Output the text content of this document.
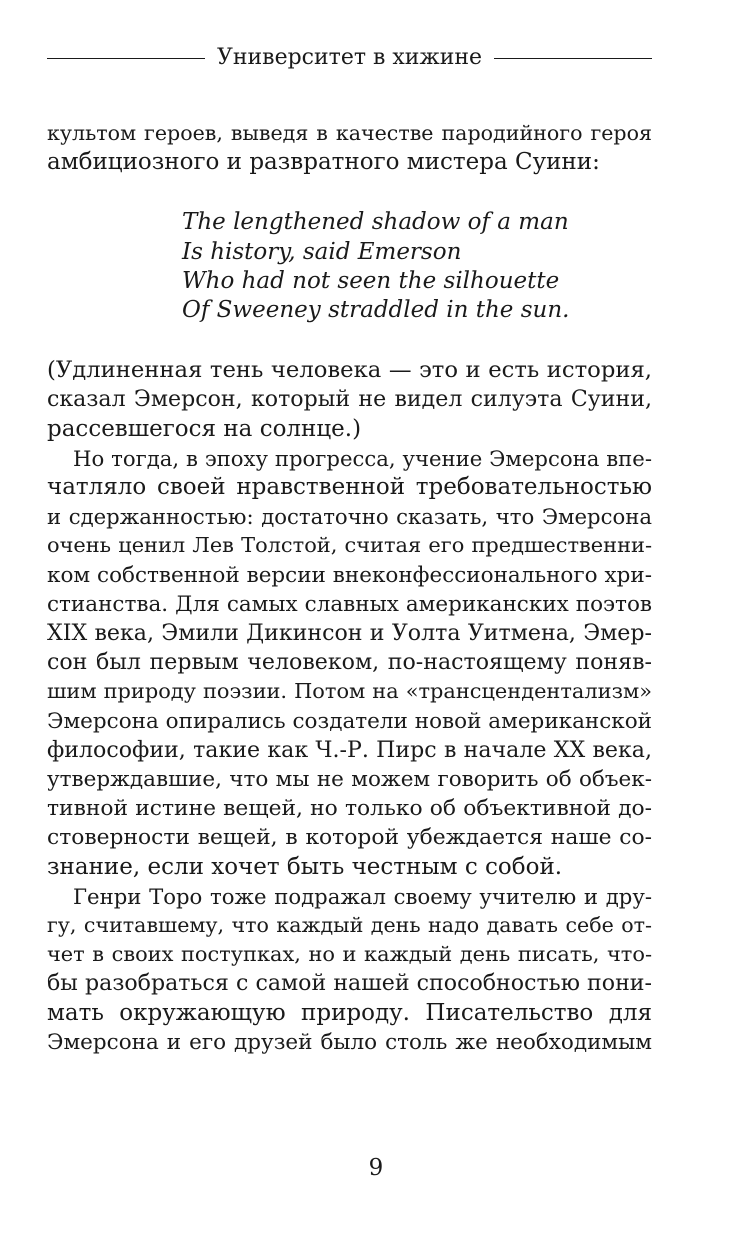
Университет в хижине
культом героев, выведя в качестве пародийного героя
амбициозного и развратного мистера Суини:
The lengthened shadow of a man
Is history, said Emerson
Who had not seen the silhouette
Of Sweeney straddled in the sun.
(Удлиненная тень человека — это и есть история,
сказал Эмерсон, который не видел силуэта Суини,
рассевшегося на солнце.)
Но тогда, в эпоху прогресса, учение Эмерсона впе-
чатляло своей нравственной требовательностью
и сдержанностью: достаточно сказать, что Эмерсона
очень ценил Лев Толстой, считая его предшественни-
ком собственной версии внеконфессионального хри-
стианства. Для самых славных американских поэтов
XIX века, Эмили Дикинсон и Уолта Уитмена, Эмер-
сон был первым человеком, по-настоящему поняв-
шим природу поэзии. Потом на «трансцендентализм»
Эмерсона опирались создатели новой американской
философии, такие как Ч.-Р. Пирс в начале XX века,
утверждавшие, что мы не можем говорить об объек-
тивной истине вещей, но только об объективной до-
стоверности вещей, в которой убеждается наше со-
знание, если хочет быть честным с собой.
Генри Торо тоже подражал своему учителю и дру-
гу, считавшему, что каждый день надо давать себе от-
чет в своих поступках, но и каждый день писать, что-
бы разобраться с самой нашей способностью пони-
мать окружающую природу. Писательство для
Эмерсона и его друзей было столь же необходимым
9
